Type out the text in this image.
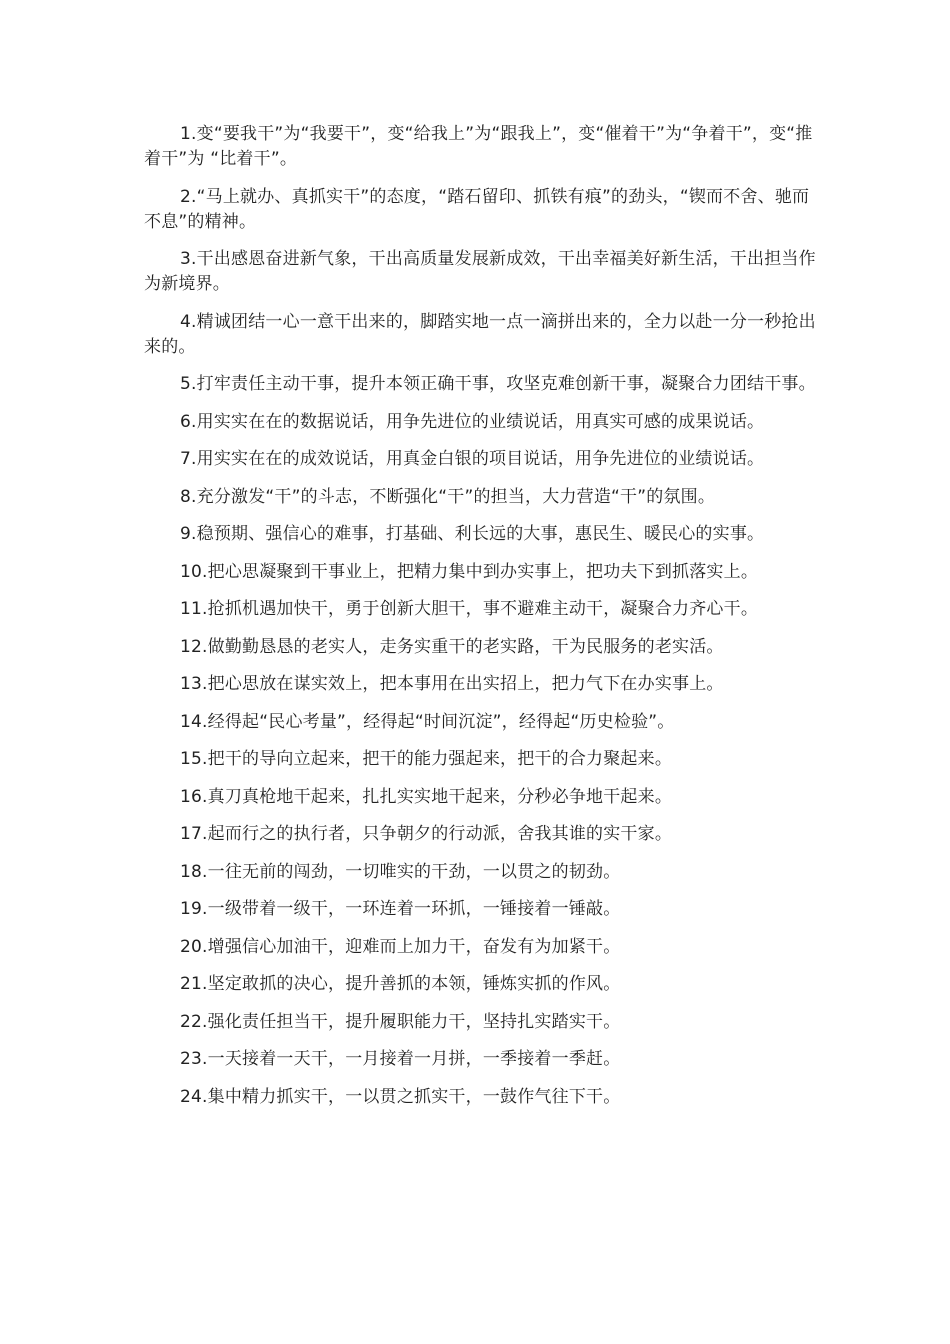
1.变“要我干”为“我要干”，变“给我上”为“跟我上”，变“催着干”为“争着干”，变“推着干”为 “比着干”。

2.“马上就办、真抓实干”的态度，“踏石留印、抓铁有痕”的劲头，“锲而不舍、驰而不息”的精神。

3.干出感恩奋进新气象，干出高质量发展新成效，干出幸福美好新生活，干出担当作为新境界。

4.精诚团结一心一意干出来的，脚踏实地一点一滴拼出来的，全力以赴一分一秒抢出来的。

5.打牢责任主动干事，提升本领正确干事，攻坚克难创新干事，凝聚合力团结干事。

6.用实实在在的数据说话，用争先进位的业绩说话，用真实可感的成果说话。

7.用实实在在的成效说话，用真金白银的项目说话，用争先进位的业绩说话。

8.充分激发“干”的斗志，不断强化“干”的担当，大力营造“干”的氛围。

9.稳预期、强信心的难事，打基础、利长远的大事，惠民生、暖民心的实事。

10.把心思凝聚到干事业上，把精力集中到办实事上，把功夫下到抓落实上。

11.抢抓机遇加快干，勇于创新大胆干，事不避难主动干，凝聚合力齐心干。

12.做勤勤恳恳的老实人，走务实重干的老实路，干为民服务的老实活。

13.把心思放在谋实效上，把本事用在出实招上，把力气下在办实事上。

14.经得起“民心考量”，经得起“时间沉淀”，经得起“历史检验”。

15.把干的导向立起来，把干的能力强起来，把干的合力聚起来。

16.真刀真枪地干起来，扎扎实实地干起来，分秒必争地干起来。

17.起而行之的执行者，只争朝夕的行动派，舍我其谁的实干家。

18.一往无前的闯劲，一切唯实的干劲，一以贯之的韧劲。

19.一级带着一级干，一环连着一环抓，一锤接着一锤敲。

20.增强信心加油干，迎难而上加力干，奋发有为加紧干。

21.坚定敢抓的决心，提升善抓的本领，锤炼实抓的作风。

22.强化责任担当干，提升履职能力干，坚持扎实踏实干。

23.一天接着一天干，一月接着一月拼，一季接着一季赶。

24.集中精力抓实干，一以贯之抓实干，一鼓作气往下干。
